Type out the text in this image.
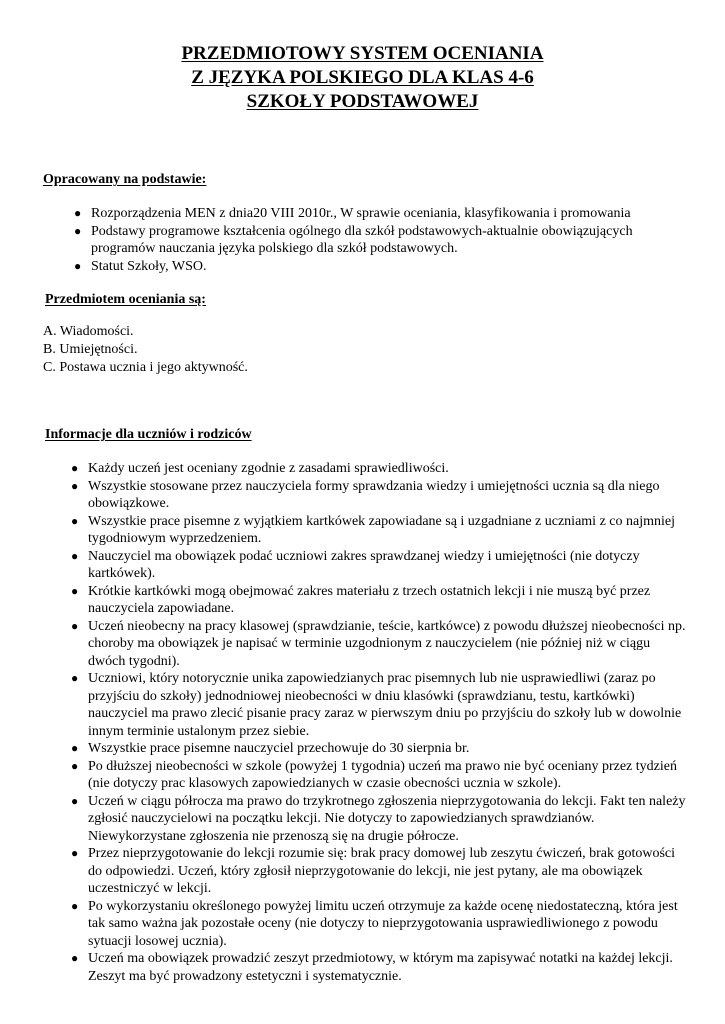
PRZEDMIOTOWY SYSTEM OCENIANIA
Z JĘZYKA POLSKIEGO DLA KLAS 4-6
SZKOŁY PODSTAWOWEJ
Opracowany na podstawie:
● Rozporządzenia MEN z dnia20 VIII 2010r., W sprawie oceniania, klasyfikowania i promowania
● Podstawy programowe kształcenia ogólnego dla szkół podstawowych-aktualnie obowiązujących programów nauczania języka polskiego dla szkół podstawowych.
● Statut Szkoły, WSO.
Przedmiotem oceniania są:
A. Wiadomości.
B. Umiejętności.
C. Postawa ucznia i jego aktywność.
Informacje dla uczniów i rodziców
● Każdy uczeń jest oceniany zgodnie z zasadami sprawiedliwości.
● Wszystkie stosowane przez nauczyciela formy sprawdzania wiedzy i umiejętności ucznia są dla niego obowiązkowe.
● Wszystkie prace pisemne z wyjątkiem kartkówek zapowiadane są i uzgadniane z uczniami z co najmniej tygodniowym wyprzedzeniem.
● Nauczyciel ma obowiązek podać uczniowi zakres sprawdzanej wiedzy i umiejętności (nie dotyczy kartkówek).
● Krótkie kartkówki mogą obejmować zakres materiału z trzech ostatnich lekcji i nie muszą być przez nauczyciela zapowiadane.
● Uczeń nieobecny na pracy klasowej (sprawdzianie, teście, kartkówce) z powodu dłuższej nieobecności np. choroby ma obowiązek je napisać w terminie uzgodnionym z nauczycielem (nie później niż w ciągu dwóch tygodni).
● Uczniowi, który notorycznie unika zapowiedzianych prac pisemnych lub nie usprawiedliwi (zaraz po przyjściu do szkoły) jednodniowej nieobecności w dniu klasówki (sprawdzianu, testu, kartkówki) nauczyciel ma prawo zlecić pisanie pracy zaraz w pierwszym dniu po przyjściu do szkoły lub w dowolnie innym terminie ustalonym przez siebie.
● Wszystkie prace pisemne nauczyciel przechowuje do 30 sierpnia br.
● Po dłuższej nieobecności w szkole (powyżej 1 tygodnia) uczeń ma prawo nie być oceniany przez tydzień (nie dotyczy prac klasowych zapowiedzianych w czasie obecności ucznia w szkole).
● Uczeń w ciągu półrocza ma prawo do trzykrotnego zgłoszenia nieprzygotowania do lekcji. Fakt ten należy zgłosić nauczycielowi na początku lekcji. Nie dotyczy to zapowiedzianych sprawdzianów. Niewykorzystane zgłoszenia nie przenoszą się na drugie półrocze.
● Przez nieprzygotowanie do lekcji rozumie się: brak pracy domowej lub zeszytu ćwiczeń, brak gotowości do odpowiedzi. Uczeń, który zgłosił nieprzygotowanie do lekcji, nie jest pytany, ale ma obowiązek uczestniczyć w lekcji.
● Po wykorzystaniu określonego powyżej limitu uczeń otrzymuje za każde ocenę niedostateczną, która jest tak samo ważna jak pozostałe oceny (nie dotyczy to nieprzygotowania usprawiedliwionego z powodu sytuacji losowej ucznia).
● Uczeń ma obowiązek prowadzić zeszyt przedmiotowy, w którym ma zapisywać notatki na każdej lekcji. Zeszyt ma być prowadzony estetyczni i systematycznie.
